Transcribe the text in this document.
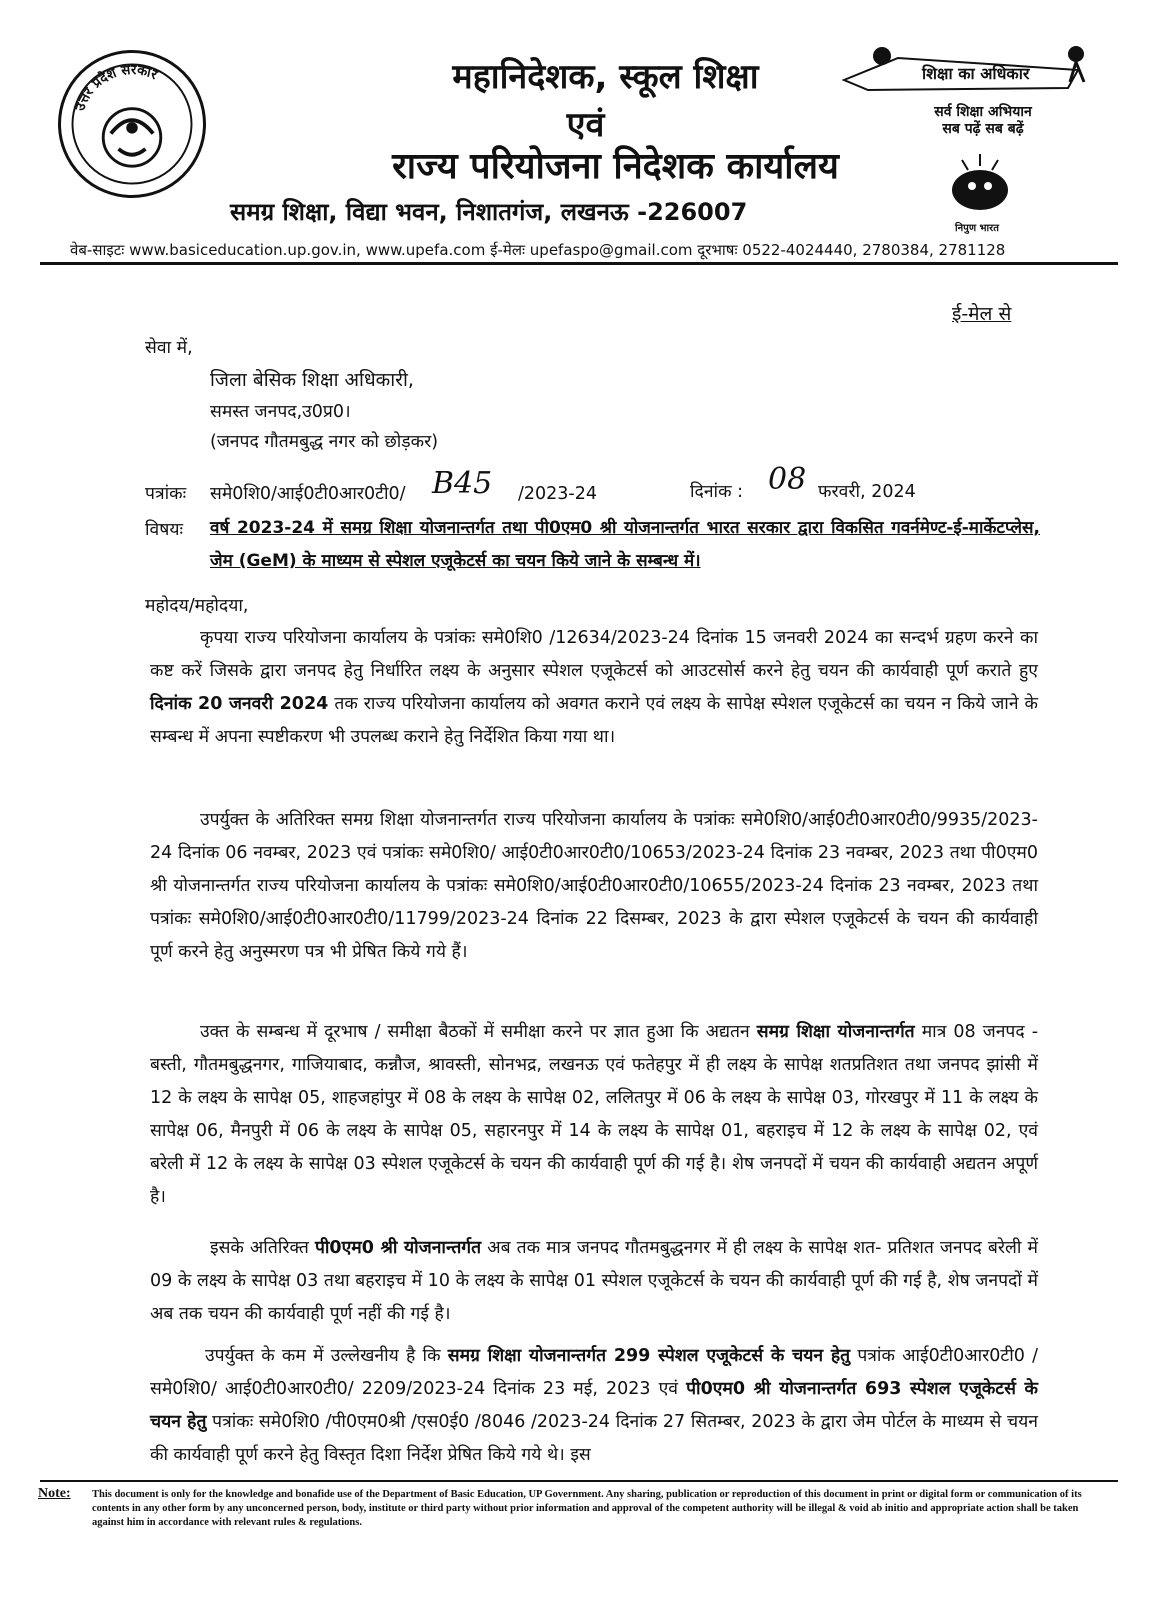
उत्तर प्रदेश सरकार	महानिदेशक, स्कूल शिक्षा
एवं
राज्य परियोजना निदेशक कार्यालय
समग्र शिक्षा, विद्या भवन, निशातगंज, लखनऊ -226007
वेब-साइटः www.basiceducation.up.gov.in, www.upefa.com ई-मेलः upefaspo@gmail.com दूरभाषः 0522-4024440, 2780384, 2781128
शिक्षा का अधिकार
सर्व शिक्षा अभियान
सब पढ़ें सब बढ़ें
निपुण भारत
ई-मेल से
सेवा में,
जिला बेसिक शिक्षा अधिकारी,
समस्त जनपद,उ0प्र0।
(जनपद गौतमबुद्ध नगर को छोड़कर)
पत्रांकः समे0शि0/आई0टी0आर0टी0/ B45 /2023-24	दिनांक : 08 फरवरी, 2024
विषयः वर्ष 2023-24 में समग्र शिक्षा योजनान्तर्गत तथा पी0एम0 श्री योजनान्तर्गत भारत सरकार द्वारा विकसित गवर्नमेण्ट-ई-मार्केटप्लेस, जेम (GeM) के माध्यम से स्पेशल एजूकेटर्स का चयन किये जाने के सम्बन्ध में।
महोदय/महोदया,
कृपया राज्य परियोजना कार्यालय के पत्रांकः समे0शि0 /12634/2023-24 दिनांक 15 जनवरी 2024 का सन्दर्भ ग्रहण करने का कष्ट करें जिसके द्वारा जनपद हेतु निर्धारित लक्ष्य के अनुसार स्पेशल एजूकेटर्स को आउटसोर्स करने हेतु चयन की कार्यवाही पूर्ण कराते हुए दिनांक 20 जनवरी 2024 तक राज्य परियोजना कार्यालय को अवगत कराने एवं लक्ष्य के सापेक्ष स्पेशल एजूकेटर्स का चयन न किये जाने के सम्बन्ध में अपना स्पष्टीकरण भी उपलब्ध कराने हेतु निर्देशित किया गया था।
उपर्युक्त के अतिरिक्त समग्र शिक्षा योजनान्तर्गत राज्य परियोजना कार्यालय के पत्रांकः समे0शि0/आई0टी0आर0टी0/9935/2023-24 दिनांक 06 नवम्बर, 2023 एवं पत्रांकः समे0शि0/ आई0टी0आर0टी0/10653/2023-24 दिनांक 23 नवम्बर, 2023 तथा पी0एम0 श्री योजनान्तर्गत राज्य परियोजना कार्यालय के पत्रांकः समे0शि0/आई0टी0आर0टी0/10655/2023-24 दिनांक 23 नवम्बर, 2023 तथा पत्रांकः समे0शि0/आई0टी0आर0टी0/11799/2023-24 दिनांक 22 दिसम्बर, 2023 के द्वारा स्पेशल एजूकेटर्स के चयन की कार्यवाही पूर्ण करने हेतु अनुस्मरण पत्र भी प्रेषित किये गये हैं।
उक्त के सम्बन्ध में दूरभाष / समीक्षा बैठकों में समीक्षा करने पर ज्ञात हुआ कि अद्यतन समग्र शिक्षा योजनान्तर्गत मात्र 08 जनपद - बस्ती, गौतमबुद्धनगर, गाजियाबाद, कन्नौज, श्रावस्ती, सोनभद्र, लखनऊ एवं फतेहपुर में ही लक्ष्य के सापेक्ष शतप्रतिशत तथा जनपद झांसी में 12 के लक्ष्य के सापेक्ष 05, शाहजहांपुर में 08 के लक्ष्य के सापेक्ष 02, ललितपुर में 06 के लक्ष्य के सापेक्ष 03, गोरखपुर में 11 के लक्ष्य के सापेक्ष 06, मैनपुरी में 06 के लक्ष्य के सापेक्ष 05, सहारनपुर में 14 के लक्ष्य के सापेक्ष 01, बहराइच में 12 के लक्ष्य के सापेक्ष 02, एवं बरेली में 12 के लक्ष्य के सापेक्ष 03 स्पेशल एजूकेटर्स के चयन की कार्यवाही पूर्ण की गई है। शेष जनपदों में चयन की कार्यवाही अद्यतन अपूर्ण है।
इसके अतिरिक्त पी0एम0 श्री योजनान्तर्गत अब तक मात्र जनपद गौतमबुद्धनगर में ही लक्ष्य के सापेक्ष शत- प्रतिशत जनपद बरेली में 09 के लक्ष्य के सापेक्ष 03 तथा बहराइच में 10 के लक्ष्य के सापेक्ष 01 स्पेशल एजूकेटर्स के चयन की कार्यवाही पूर्ण की गई है, शेष जनपदों में अब तक चयन की कार्यवाही पूर्ण नहीं की गई है।
उपर्युक्त के कम में उल्लेखनीय है कि समग्र शिक्षा योजनान्तर्गत 299 स्पेशल एजूकेटर्स के चयन हेतु पत्रांक आई0टी0आर0टी0 /समे0शि0/ आई0टी0आर0टी0/ 2209/2023-24 दिनांक 23 मई, 2023 एवं पी0एम0 श्री योजनान्तर्गत 693 स्पेशल एजूकेटर्स के चयन हेतु पत्रांकः समे0शि0 /पी0एम0श्री /एस0ई0 /8046 /2023-24 दिनांक 27 सितम्बर, 2023 के द्वारा जेम पोर्टल के माध्यम से चयन की कार्यवाही पूर्ण करने हेतु विस्तृत दिशा निर्देश प्रेषित किये गये थे। इस
Note: This document is only for the knowledge and bonafide use of the Department of Basic Education, UP Government. Any sharing, publication or reproduction of this document in print or digital form or communication of its contents in any other form by any unconcerned person, body, institute or third party without prior information and approval of the competent authority will be illegal & void ab initio and appropriate action shall be taken against him in accordance with relevant rules & regulations.
